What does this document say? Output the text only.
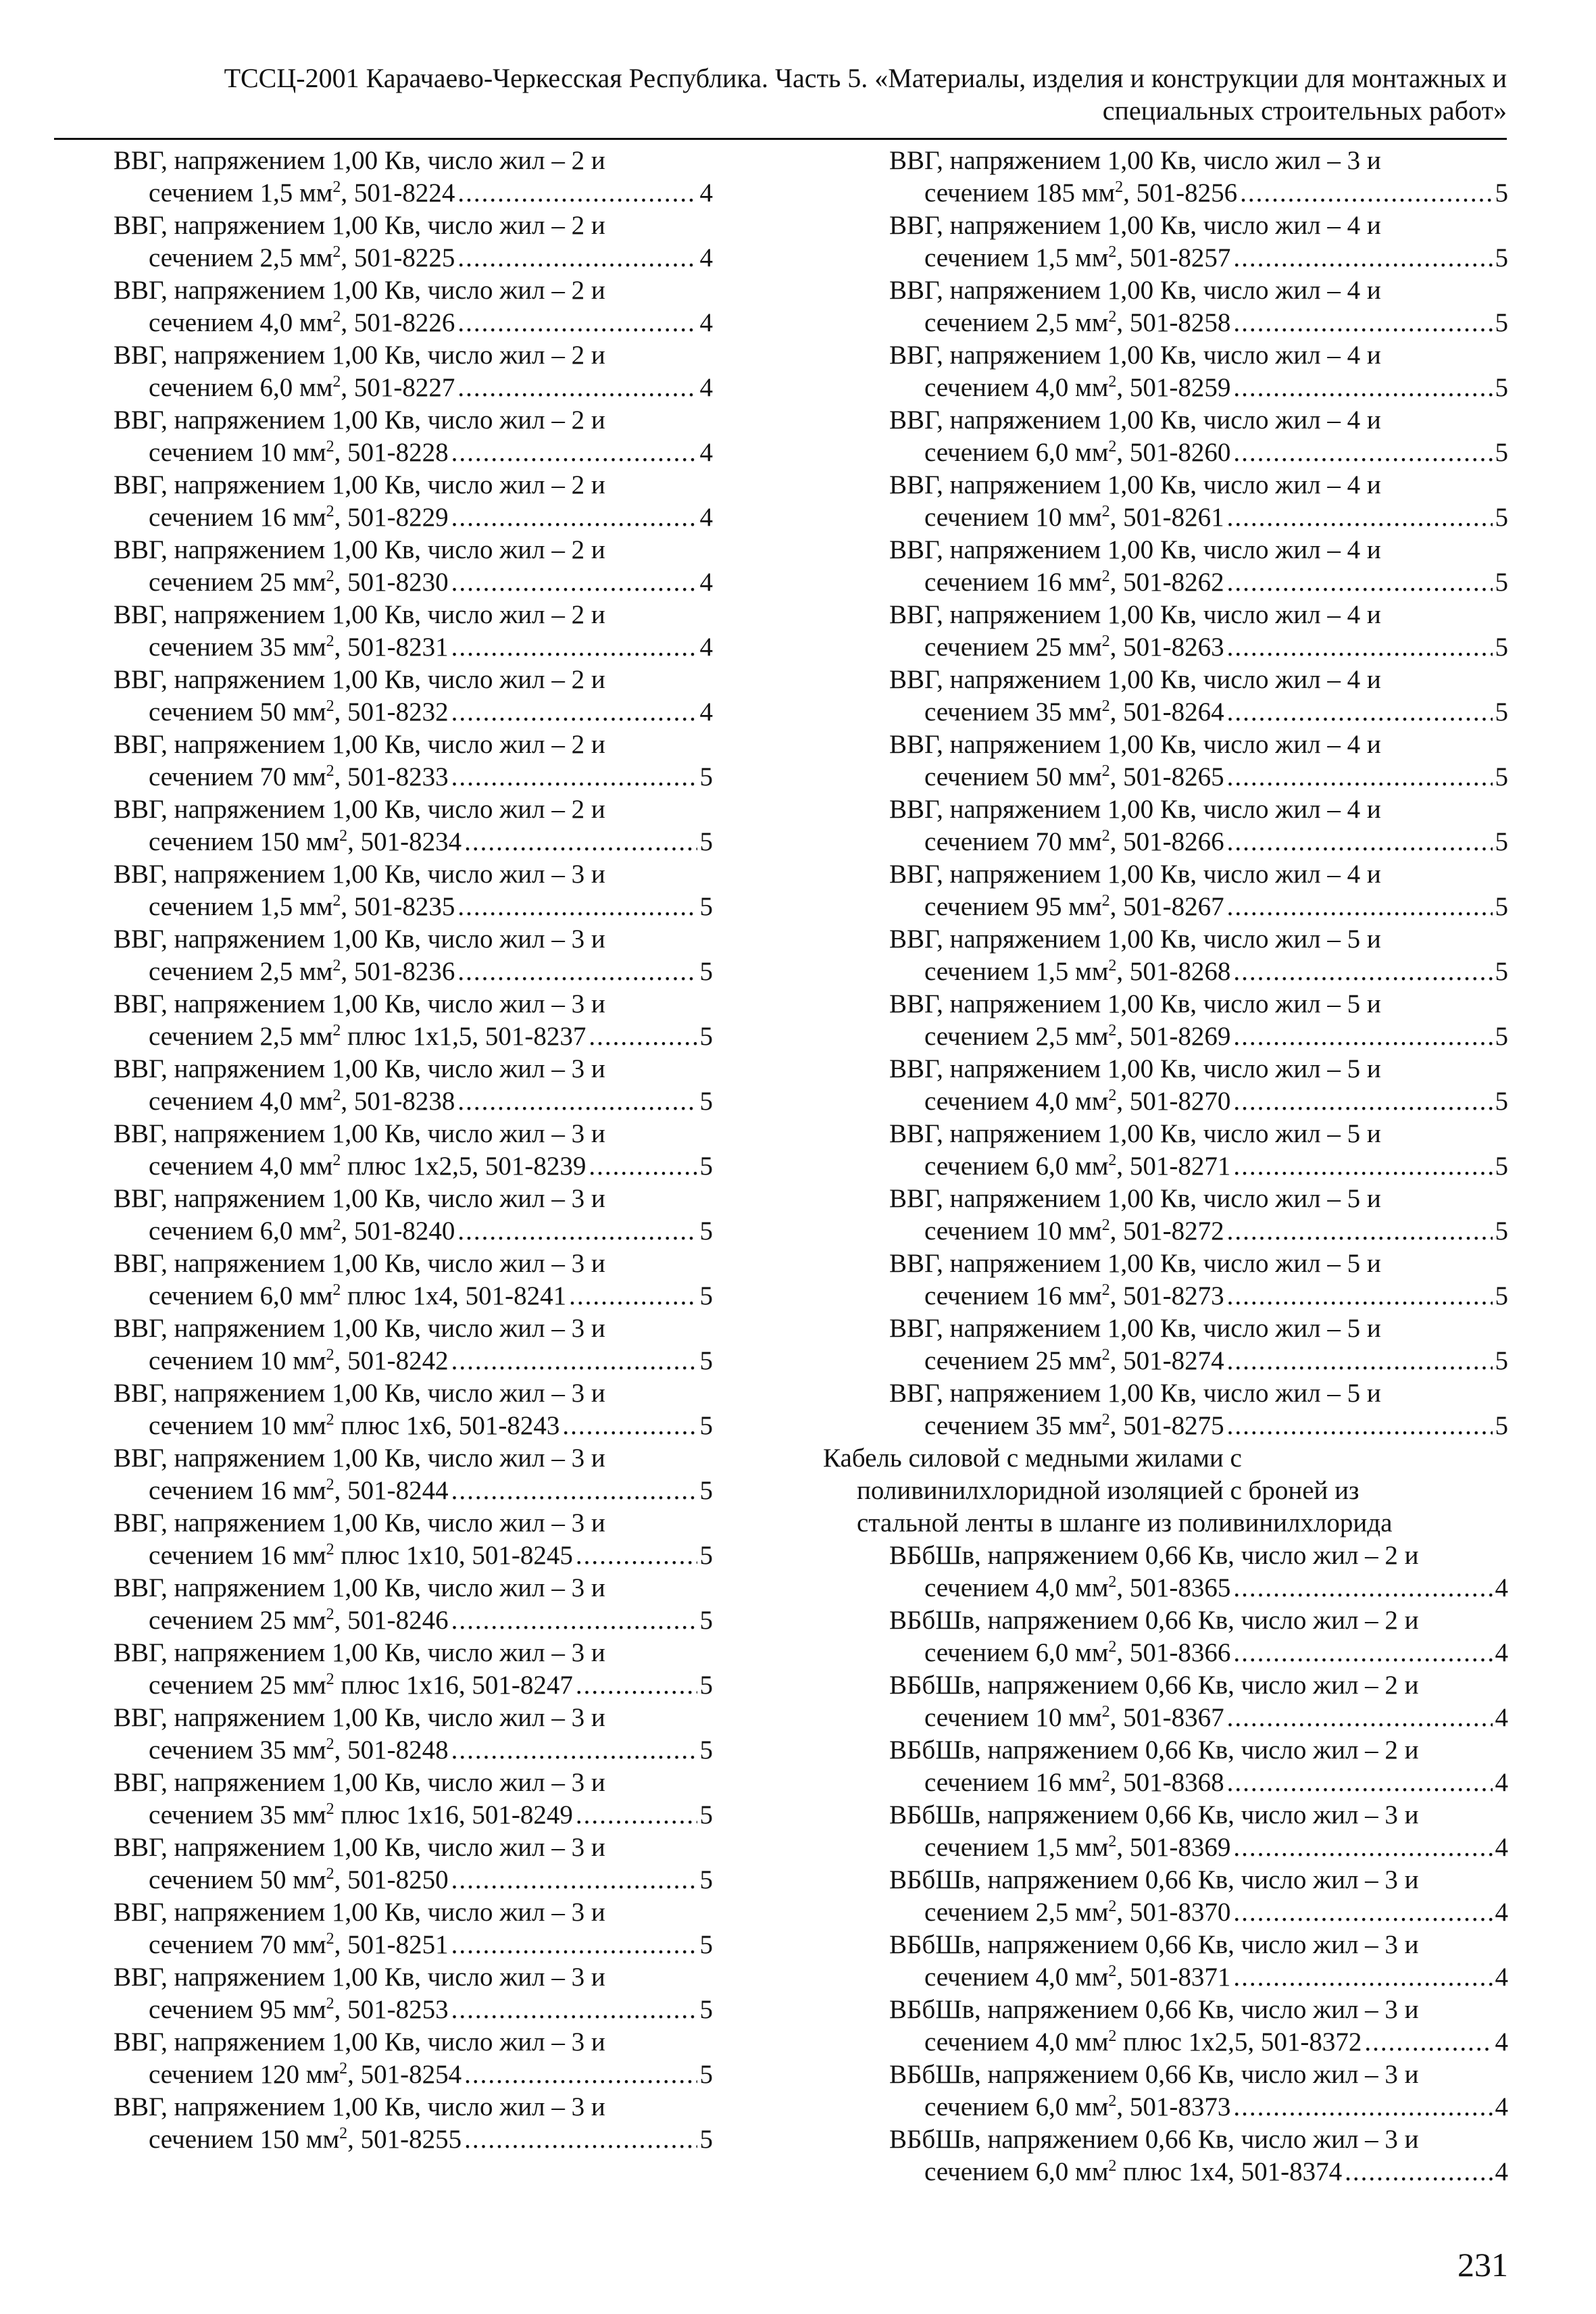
ТССЦ-2001 Карачаево-Черкесская Республика. Часть 5. «Материалы, изделия и конструкции для монтажных и
специальных строительных работ»
ВВГ, напряжением 1,00 Кв, число жил – 2 и
сечением 1,5 $мм^2$, 501-8224 .....	4
ВВГ, напряжением 1,00 Кв, число жил – 2 и
сечением 2,5 $мм^2$, 501-8225 .....	4
ВВГ, напряжением 1,00 Кв, число жил – 2 и
сечением 4,0 $мм^2$, 501-8226 .....	4
ВВГ, напряжением 1,00 Кв, число жил – 2 и
сечением 6,0 $мм^2$, 501-8227 .....	4
ВВГ, напряжением 1,00 Кв, число жил – 2 и
сечением 10 $мм^2$, 501-8228 .....	4
ВВГ, напряжением 1,00 Кв, число жил – 2 и
сечением 16 $мм^2$, 501-8229 .....	4
ВВГ, напряжением 1,00 Кв, число жил – 2 и
сечением 25 $мм^2$, 501-8230 .....	4
ВВГ, напряжением 1,00 Кв, число жил – 2 и
сечением 35 $мм^2$, 501-8231 .....	4
ВВГ, напряжением 1,00 Кв, число жил – 2 и
сечением 50 $мм^2$, 501-8232 .....	4
ВВГ, напряжением 1,00 Кв, число жил – 2 и
сечением 70 $мм^2$, 501-8233 .....	5
ВВГ, напряжением 1,00 Кв, число жил – 2 и
сечением 150 $мм^2$, 501-8234 .....	5
ВВГ, напряжением 1,00 Кв, число жил – 3 и
сечением 1,5 $мм^2$, 501-8235 .....	5
ВВГ, напряжением 1,00 Кв, число жил – 3 и
сечением 2,5 $мм^2$, 501-8236 .....	5
ВВГ, напряжением 1,00 Кв, число жил – 3 и
сечением 2,5 $мм^2$ плюс 1x1,5, 501-8237 .....	5
ВВГ, напряжением 1,00 Кв, число жил – 3 и
сечением 4,0 $мм^2$, 501-8238 .....	5
ВВГ, напряжением 1,00 Кв, число жил – 3 и
сечением 4,0 $мм^2$ плюс 1x2,5, 501-8239 .....	5
ВВГ, напряжением 1,00 Кв, число жил – 3 и
сечением 6,0 $мм^2$, 501-8240 .....	5
ВВГ, напряжением 1,00 Кв, число жил – 3 и
сечением 6,0 $мм^2$ плюс 1x4, 501-8241 .....	5
ВВГ, напряжением 1,00 Кв, число жил – 3 и
сечением 10 $мм^2$, 501-8242 .....	5
ВВГ, напряжением 1,00 Кв, число жил – 3 и
сечением 10 $мм^2$ плюс 1x6, 501-8243 .....	5
ВВГ, напряжением 1,00 Кв, число жил – 3 и
сечением 16 $мм^2$, 501-8244 .....	5
ВВГ, напряжением 1,00 Кв, число жил – 3 и
сечением 16 $мм^2$ плюс 1x10, 501-8245 .....	5
ВВГ, напряжением 1,00 Кв, число жил – 3 и
сечением 25 $мм^2$, 501-8246 .....	5
ВВГ, напряжением 1,00 Кв, число жил – 3 и
сечением 25 $мм^2$ плюс 1x16, 501-8247 .....	5
ВВГ, напряжением 1,00 Кв, число жил – 3 и
сечением 35 $мм^2$, 501-8248 .....	5
ВВГ, напряжением 1,00 Кв, число жил – 3 и
сечением 35 $мм^2$ плюс 1x16, 501-8249 .....	5
ВВГ, напряжением 1,00 Кв, число жил – 3 и
сечением 50 $мм^2$, 501-8250 .....	5
ВВГ, напряжением 1,00 Кв, число жил – 3 и
сечением 70 $мм^2$, 501-8251 .....	5
ВВГ, напряжением 1,00 Кв, число жил – 3 и
сечением 95 $мм^2$, 501-8253 .....	5
ВВГ, напряжением 1,00 Кв, число жил – 3 и
сечением 120 $мм^2$, 501-8254 .....	5
ВВГ, напряжением 1,00 Кв, число жил – 3 и
сечением 150 $мм^2$, 501-8255 .....	5
ВВГ, напряжением 1,00 Кв, число жил – 3 и
сечением 185 $мм^2$, 501-8256 .....	5
ВВГ, напряжением 1,00 Кв, число жил – 4 и
сечением 1,5 $мм^2$, 501-8257 .....	5
ВВГ, напряжением 1,00 Кв, число жил – 4 и
сечением 2,5 $мм^2$, 501-8258 .....	5
ВВГ, напряжением 1,00 Кв, число жил – 4 и
сечением 4,0 $мм^2$, 501-8259 .....	5
ВВГ, напряжением 1,00 Кв, число жил – 4 и
сечением 6,0 $мм^2$, 501-8260 .....	5
ВВГ, напряжением 1,00 Кв, число жил – 4 и
сечением 10 $мм^2$, 501-8261 .....	5
ВВГ, напряжением 1,00 Кв, число жил – 4 и
сечением 16 $мм^2$, 501-8262 .....	5
ВВГ, напряжением 1,00 Кв, число жил – 4 и
сечением 25 $мм^2$, 501-8263 .....	5
ВВГ, напряжением 1,00 Кв, число жил – 4 и
сечением 35 $мм^2$, 501-8264 .....	5
ВВГ, напряжением 1,00 Кв, число жил – 4 и
сечением 50 $мм^2$, 501-8265 .....	5
ВВГ, напряжением 1,00 Кв, число жил – 4 и
сечением 70 $мм^2$, 501-8266 .....	5
ВВГ, напряжением 1,00 Кв, число жил – 4 и
сечением 95 $мм^2$, 501-8267 .....	5
ВВГ, напряжением 1,00 Кв, число жил – 5 и
сечением 1,5 $мм^2$, 501-8268 .....	5
ВВГ, напряжением 1,00 Кв, число жил – 5 и
сечением 2,5 $мм^2$, 501-8269 .....	5
ВВГ, напряжением 1,00 Кв, число жил – 5 и
сечением 4,0 $мм^2$, 501-8270 .....	5
ВВГ, напряжением 1,00 Кв, число жил – 5 и
сечением 6,0 $мм^2$, 501-8271 .....	5
ВВГ, напряжением 1,00 Кв, число жил – 5 и
сечением 10 $мм^2$, 501-8272 .....	5
ВВГ, напряжением 1,00 Кв, число жил – 5 и
сечением 16 $мм^2$, 501-8273 .....	5
ВВГ, напряжением 1,00 Кв, число жил – 5 и
сечением 25 $мм^2$, 501-8274 .....	5
ВВГ, напряжением 1,00 Кв, число жил – 5 и
сечением 35 $мм^2$, 501-8275 .....	5
Кабель силовой с медными жилами с
поливинилхлоридной изоляцией с броней из
стальной ленты в шланге из поливинилхлорида
ВБбШв, напряжением 0,66 Кв, число жил – 2 и
сечением 4,0 $мм^2$, 501-8365 .....	4
ВБбШв, напряжением 0,66 Кв, число жил – 2 и
сечением 6,0 $мм^2$, 501-8366 .....	4
ВБбШв, напряжением 0,66 Кв, число жил – 2 и
сечением 10 $мм^2$, 501-8367 .....	4
ВБбШв, напряжением 0,66 Кв, число жил – 2 и
сечением 16 $мм^2$, 501-8368 .....	4
ВБбШв, напряжением 0,66 Кв, число жил – 3 и
сечением 1,5 $мм^2$, 501-8369 .....	4
ВБбШв, напряжением 0,66 Кв, число жил – 3 и
сечением 2,5 $мм^2$, 501-8370 .....	4
ВБбШв, напряжением 0,66 Кв, число жил – 3 и
сечением 4,0 $мм^2$, 501-8371 .....	4
ВБбШв, напряжением 0,66 Кв, число жил – 3 и
сечением 4,0 $мм^2$ плюс 1x2,5, 501-8372 .....	4
ВБбШв, напряжением 0,66 Кв, число жил – 3 и
сечением 6,0 $мм^2$, 501-8373 .....	4
ВБбШв, напряжением 0,66 Кв, число жил – 3 и
сечением 6,0 $мм^2$ плюс 1x4, 501-8374 .....	4
231
